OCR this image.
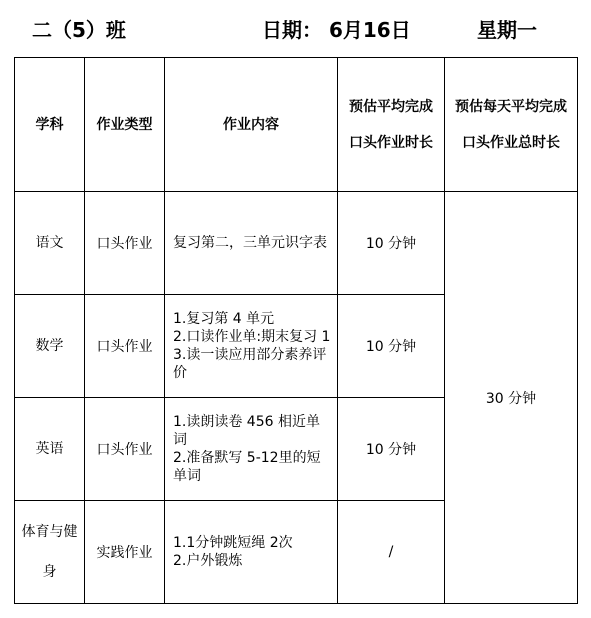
二（5）班	日期： 6月16日	星期一
学科	作业类型	作业内容	预估平均完成口头作业时长	预估每天平均完成口头作业总时长
语文	口头作业	复习第二，三单元识字表	10 分钟	30 分钟
数学	口头作业	1.复习第 4 单元
2.口读作业单:期末复习 1
3.读一读应用部分素养评价	10 分钟	
英语	口头作业	1.读朗读卷 456 相近单词
2.准备默写 5-12里的短单词	10 分钟	
体育与健身	实践作业	1.1分钟跳短绳 2次
2.户外锻炼	/	
